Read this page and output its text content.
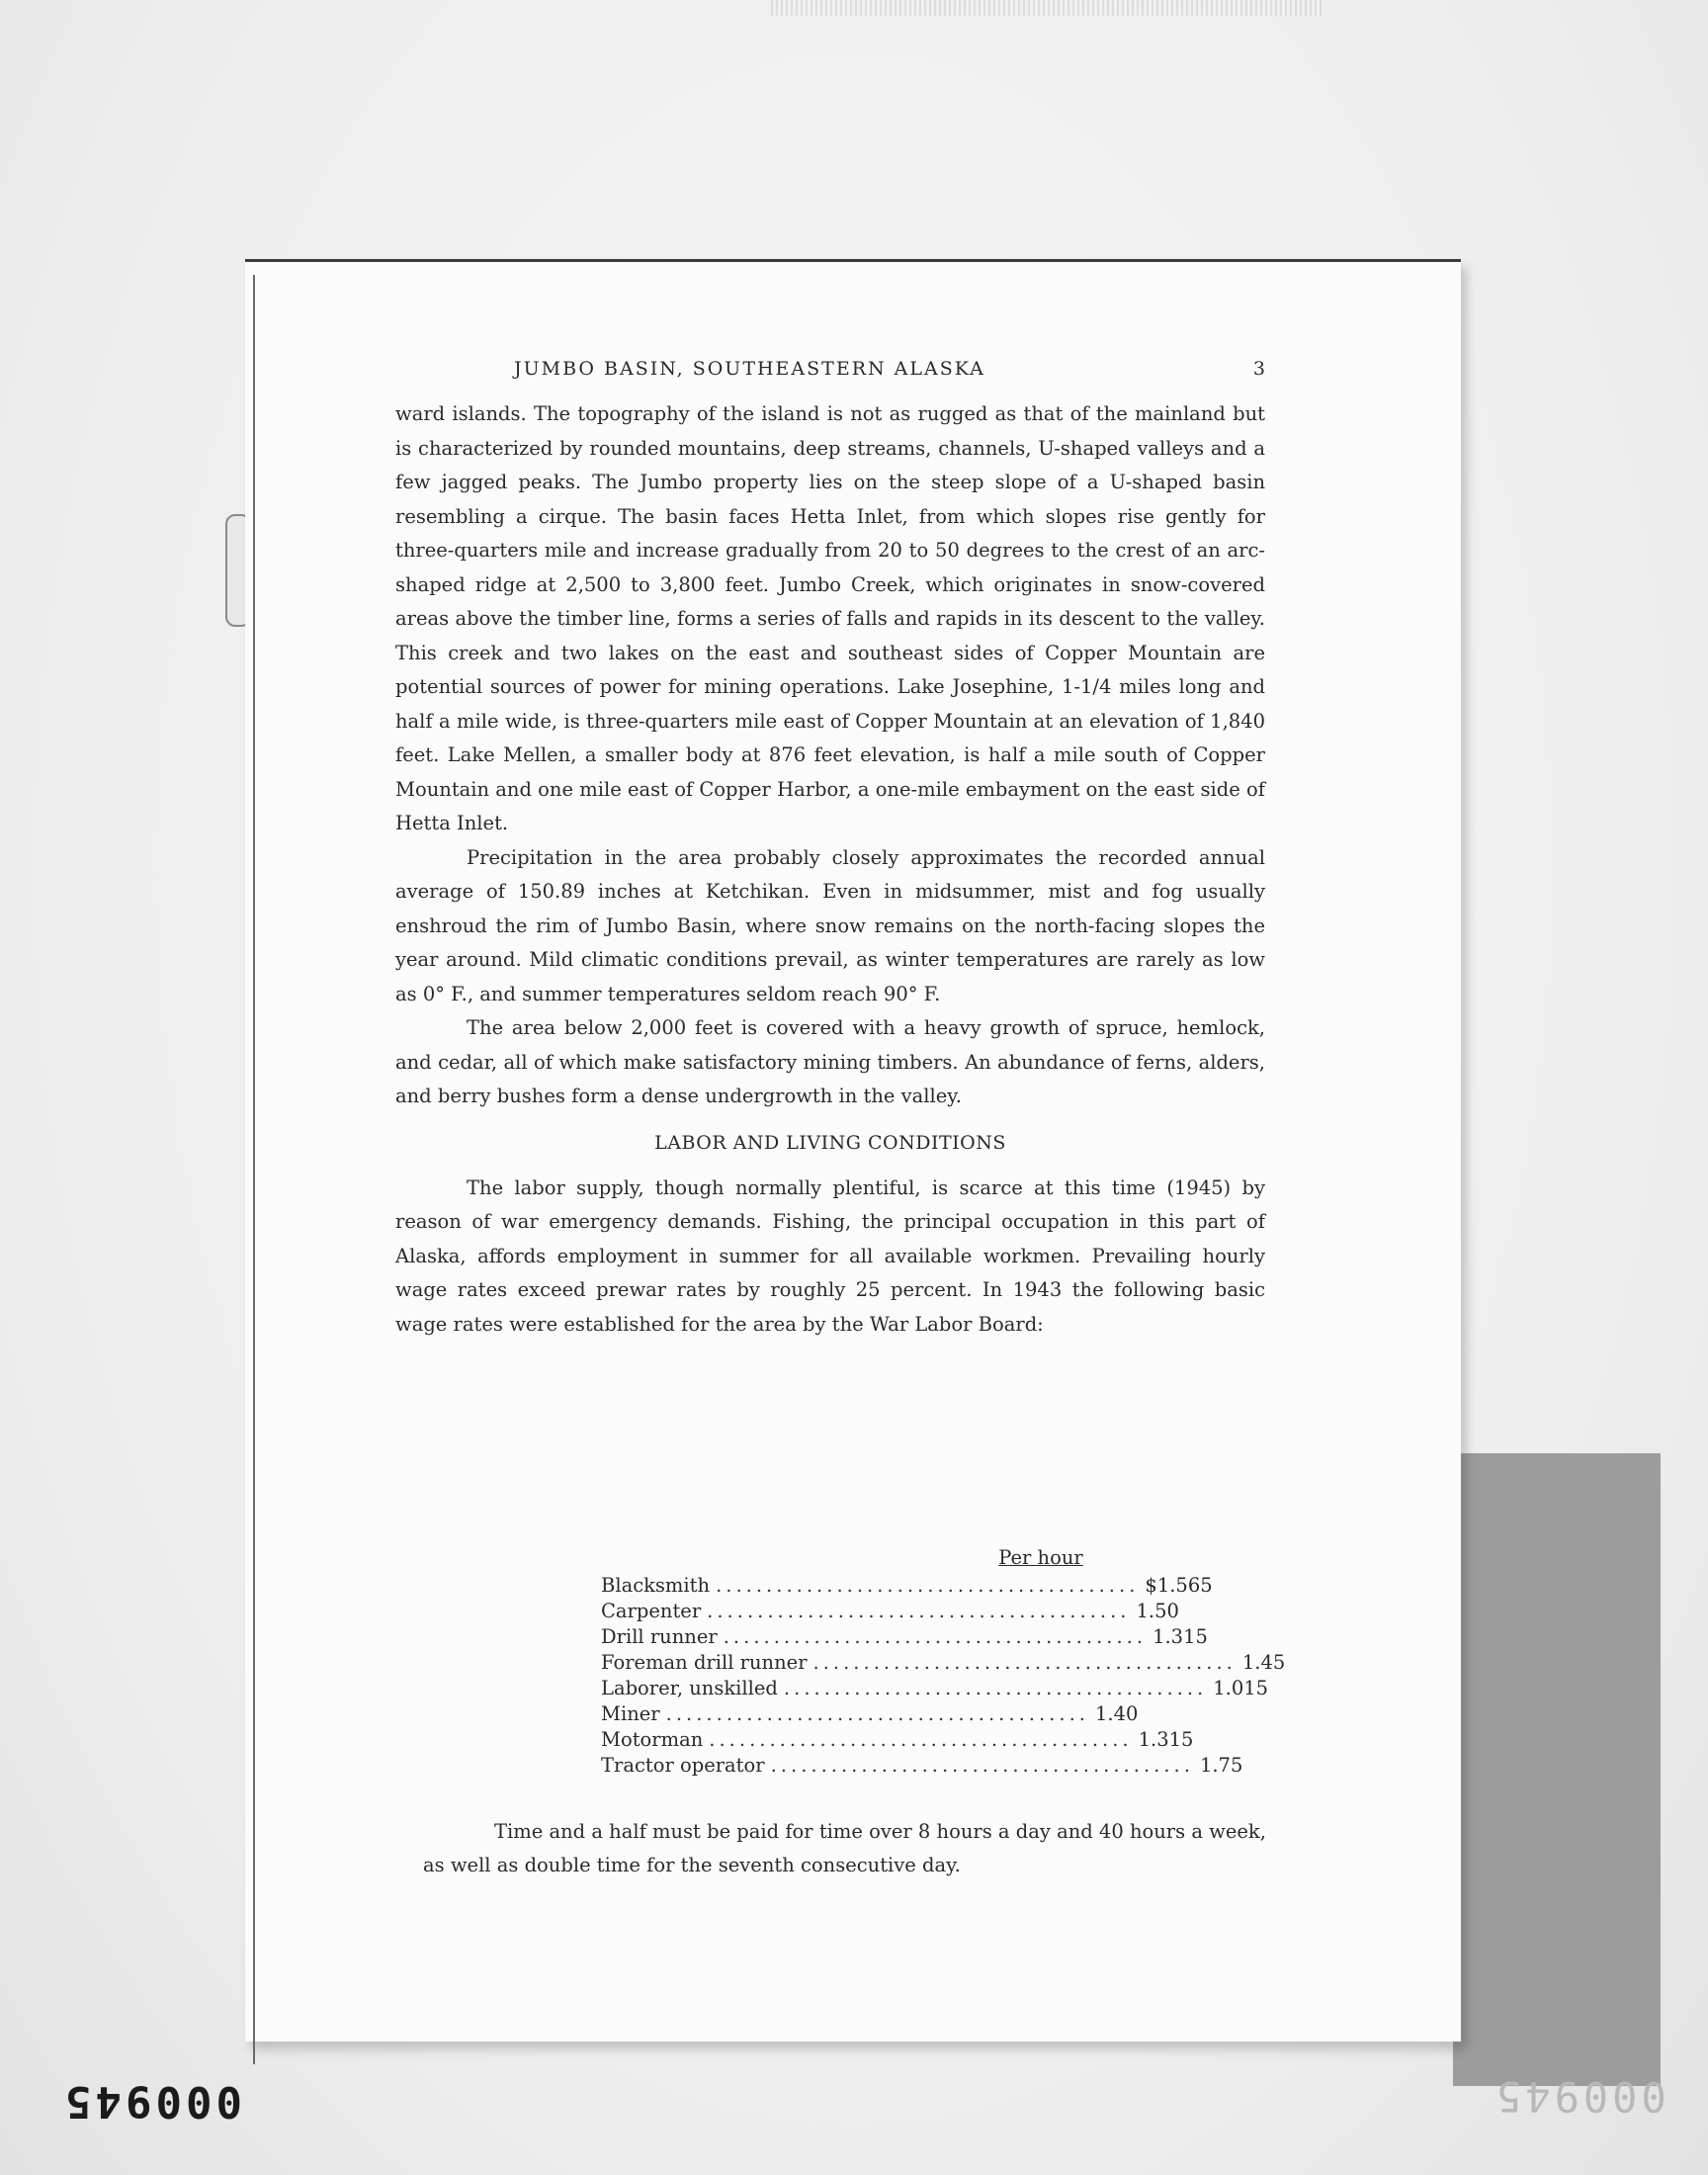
JUMBO BASIN, SOUTHEASTERN ALASKA	3

ward islands. The topography of the island is not as rugged as that of the mainland but is characterized by rounded mountains, deep streams, channels, U-shaped valleys and a few jagged peaks. The Jumbo property lies on the steep slope of a U-shaped basin resembling a cirque. The basin faces Hetta Inlet, from which slopes rise gently for three-quarters mile and increase gradually from 20 to 50 degrees to the crest of an arc-shaped ridge at 2,500 to 3,800 feet. Jumbo Creek, which originates in snow-covered areas above the timber line, forms a series of falls and rapids in its descent to the valley. This creek and two lakes on the east and southeast sides of Copper Mountain are potential sources of power for mining operations. Lake Josephine, 1-1/4 miles long and half a mile wide, is three-quarters mile east of Copper Mountain at an elevation of 1,840 feet. Lake Mellen, a smaller body at 876 feet elevation, is half a mile south of Copper Mountain and one mile east of Copper Harbor, a one-mile embayment on the east side of Hetta Inlet.

Precipitation in the area probably closely approximates the recorded annual average of 150.89 inches at Ketchikan. Even in midsummer, mist and fog usually enshroud the rim of Jumbo Basin, where snow remains on the north-facing slopes the year around. Mild climatic conditions prevail, as winter temperatures are rarely as low as 0° F., and summer temperatures seldom reach 90° F.

The area below 2,000 feet is covered with a heavy growth of spruce, hemlock, and cedar, all of which make satisfactory mining timbers. An abundance of ferns, alders, and berry bushes form a dense undergrowth in the valley.

LABOR AND LIVING CONDITIONS

The labor supply, though normally plentiful, is scarce at this time (1945) by reason of war emergency demands. Fishing, the principal occupation in this part of Alaska, affords employment in summer for all available workmen. Prevailing hourly wage rates exceed prewar rates by roughly 25 percent. In 1943 the following basic wage rates were established for the area by the War Labor Board:

Per hour
Blacksmith .......................................... $1.565
Carpenter .......................................... 1.50
Drill runner .......................................... 1.315
Foreman drill runner .......................................... 1.45
Laborer, unskilled .......................................... 1.015
Miner .......................................... 1.40
Motorman .......................................... 1.315
Tractor operator .......................................... 1.75

Time and a half must be paid for time over 8 hours a day and 40 hours a week, as well as double time for the seventh consecutive day.

000945	000945
